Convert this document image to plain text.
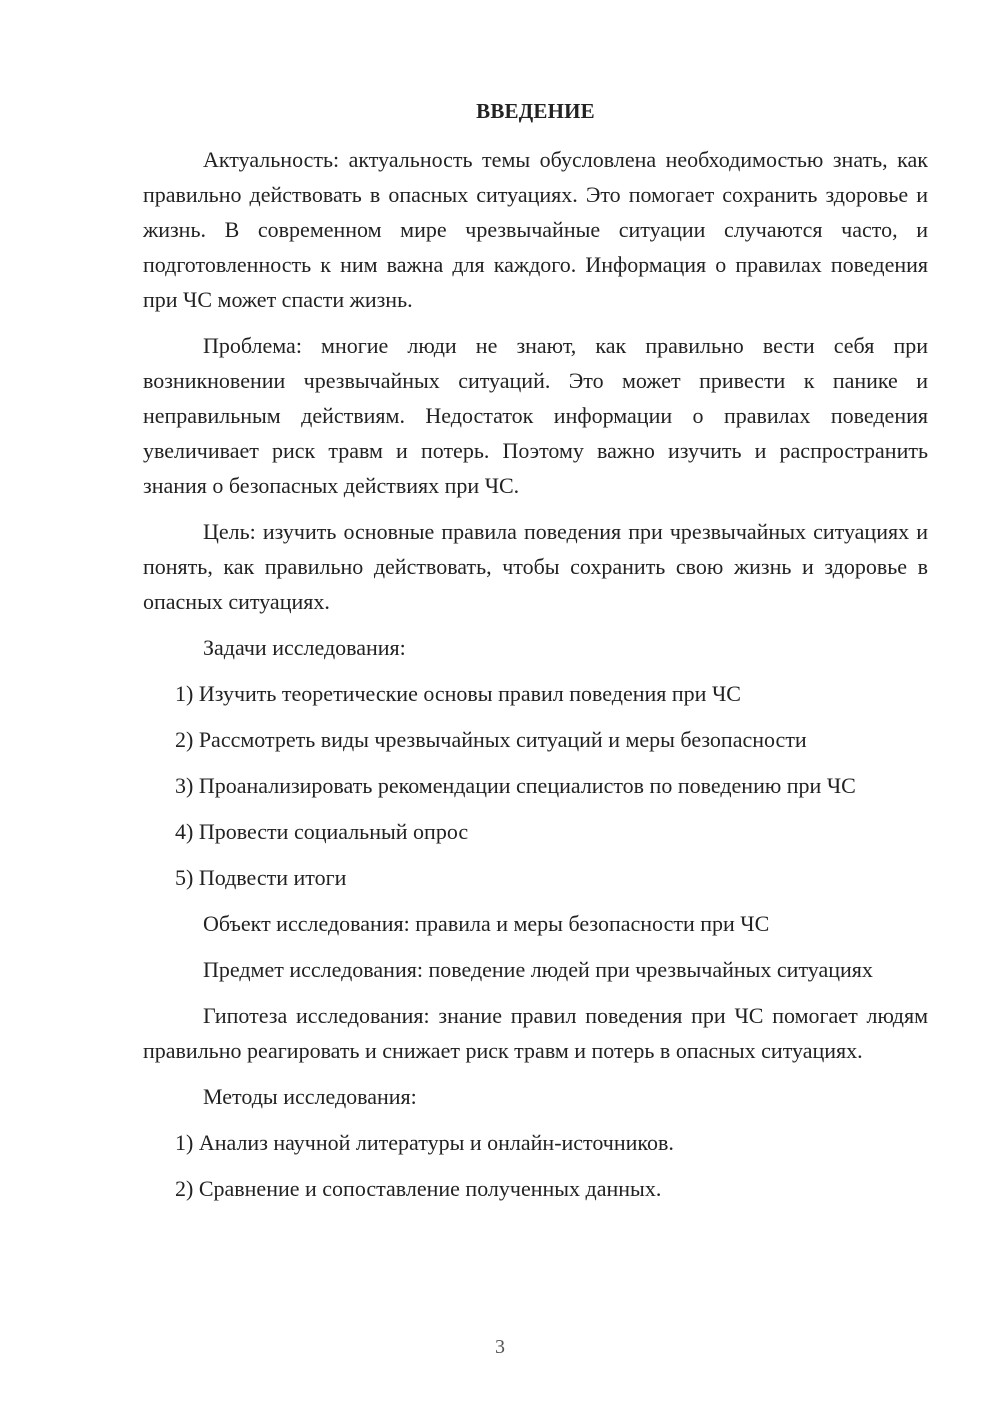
ВВЕДЕНИЕ

Актуальность: актуальность темы обусловлена необходимостью знать, как правильно действовать в опасных ситуациях. Это помогает сохранить здоровье и жизнь. В современном мире чрезвычайные ситуации случаются часто, и подготовленность к ним важна для каждого. Информация о правилах поведения при ЧС может спасти жизнь.

Проблема: многие люди не знают, как правильно вести себя при возникновении чрезвычайных ситуаций. Это может привести к панике и неправильным действиям. Недостаток информации о правилах поведения увеличивает риск травм и потерь. Поэтому важно изучить и распространить знания о безопасных действиях при ЧС.

Цель: изучить основные правила поведения при чрезвычайных ситуациях и понять, как правильно действовать, чтобы сохранить свою жизнь и здоровье в опасных ситуациях.

Задачи исследования:

1) Изучить теоретические основы правил поведения при ЧС

2) Рассмотреть виды чрезвычайных ситуаций и меры безопасности

3) Проанализировать рекомендации специалистов по поведению при ЧС

4) Провести социальный опрос

5) Подвести итоги

Объект исследования: правила и меры безопасности при ЧС

Предмет исследования: поведение людей при чрезвычайных ситуациях

Гипотеза исследования: знание правил поведения при ЧС помогает людям правильно реагировать и снижает риск травм и потерь в опасных ситуациях.

Методы исследования:

1) Анализ научной литературы и онлайн-источников.

2) Сравнение и сопоставление полученных данных.

3
